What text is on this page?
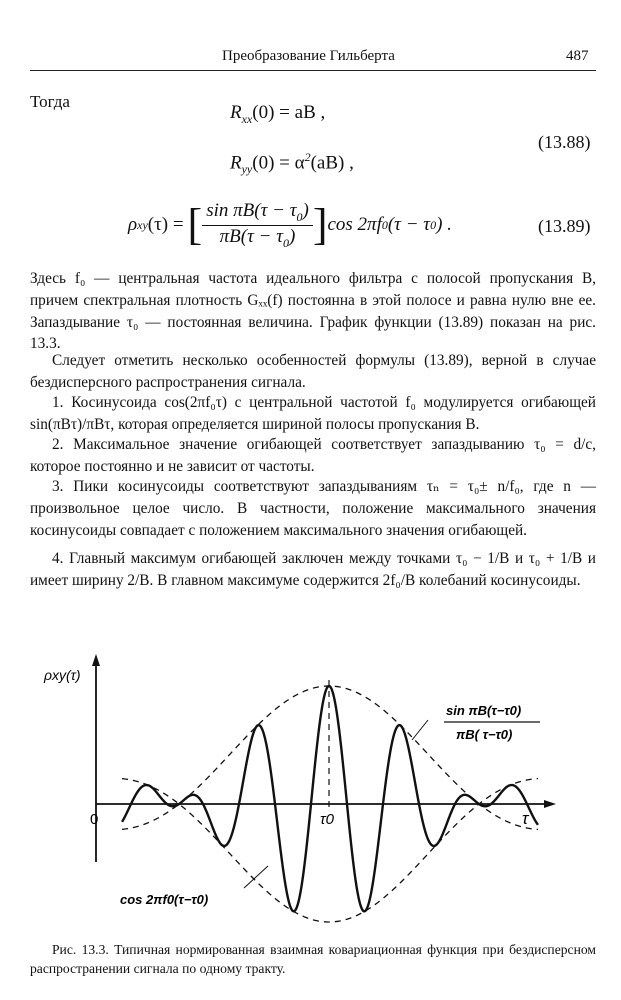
Преобразование Гильберта	487
Тогда
$R_{xx}(0)$ = aB ,
$R_{yy}(0) = \alpha^2(aB)$ ,
(13.88)
ρ xy (τ) = [ $\frac{\sin \pi B(\tau - \tau_0)}{\pi B(\tau - \tau_0)}$ ] cos 2πf 0 (τ − τ 0 ) .	(13.89)
Здесь f₀ — центральная частота идеального фильтра с полосой пропускания B, причем спектральная плотность Gₓₓ(f) постоянна в этой полосе и равна нулю вне ее. Запаздывание τ₀ — постоянная величина. График функции (13.89) показан на рис. 13.3.
Следует отметить несколько особенностей формулы (13.89), верной в случае бездисперсного распространения сигнала.
1. Косинусоида cos(2πf₀τ) с центральной частотой f₀ модулируется огибающей sin(πBτ)/πBτ, которая определяется шириной полосы пропускания B.
2. Максимальное значение огибающей соответствует запаздыванию τ₀ = d/c, которое постоянно и не зависит от частоты.
3. Пики косинусоиды соответствуют запаздываниям τₙ = τ₀± n/f₀, где n — произвольное целое число. В частности, положение максимального значения косинусоиды совпадает с положением максимального значения огибающей.
4. Главный максимум огибающей заключен между точками τ₀ − 1/B и τ₀ + 1/B и имеет ширину 2/B. В главном максимуме содержится 2f₀/B колебаний косинусоиды.
ρxy(τ)
0	τ0	τ
sin πB(τ−τ0)
πB( τ−τ0)
cos 2πf0(τ−τ0)
Рис. 13.3. Типичная нормированная взаимная ковариационная функция при бездисперсном распространении сигнала по одному тракту.
